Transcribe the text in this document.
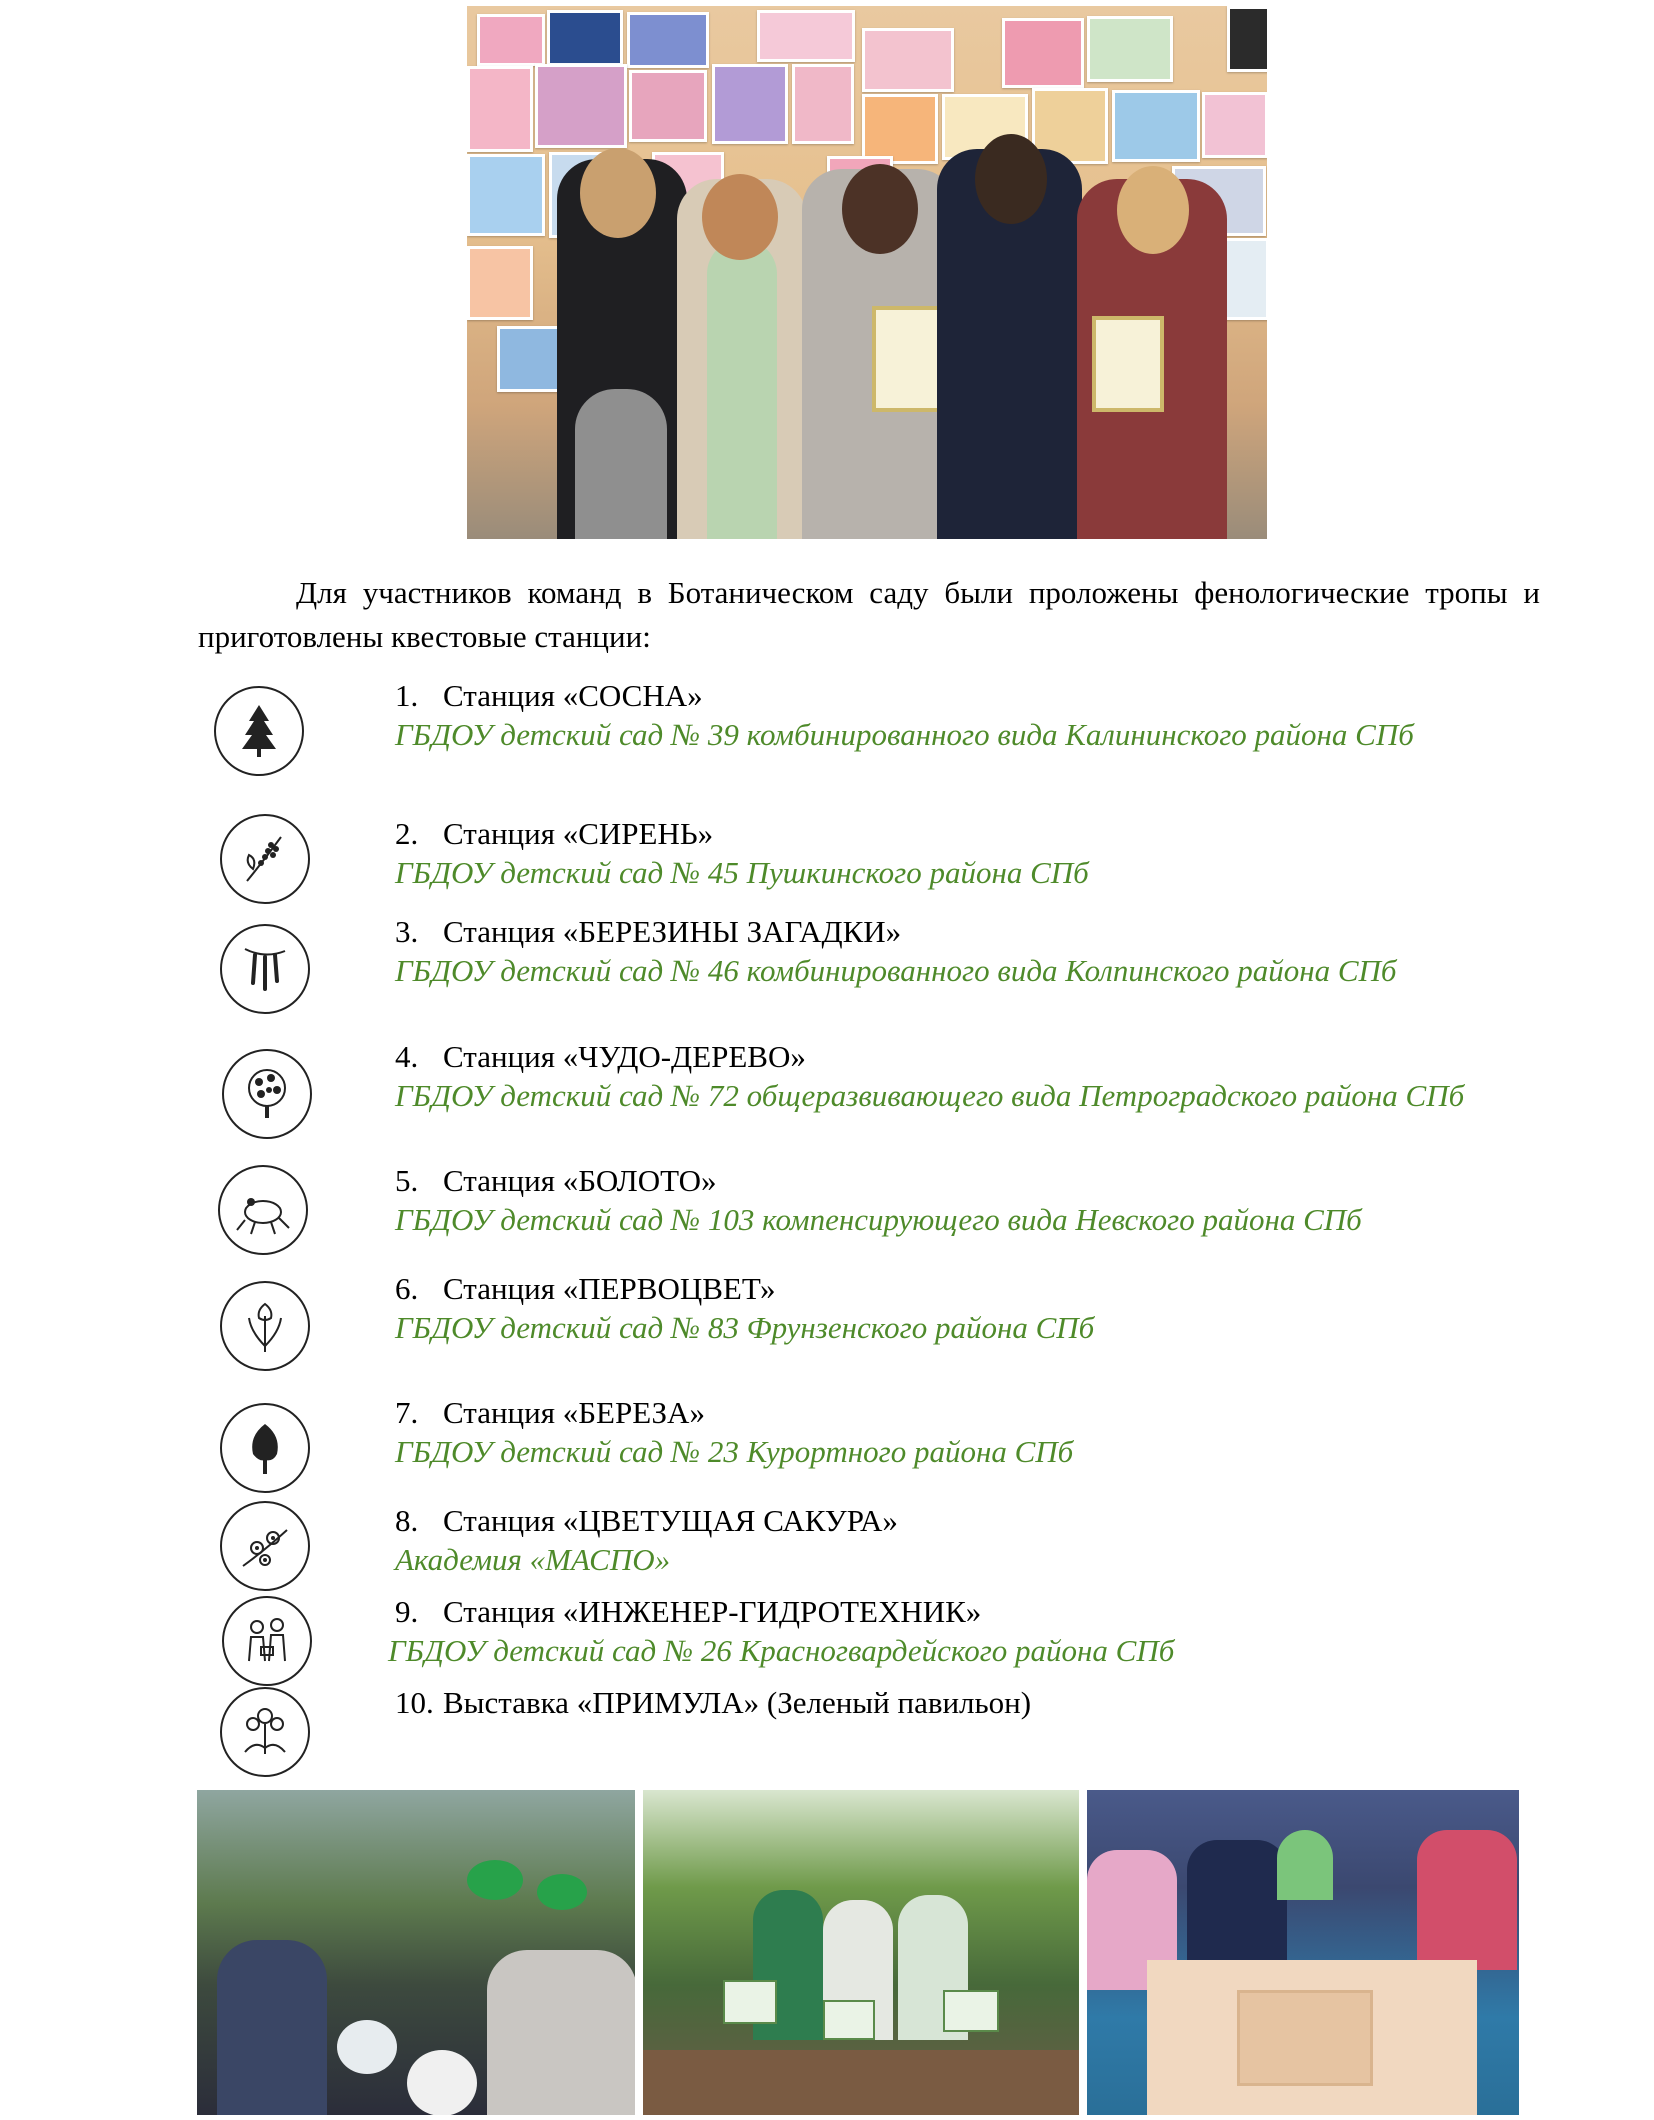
Для участников команд в Ботаническом саду были проложены фенологические тропы и приготовлены квестовые станции:

1. Станция «СОСНА»
ГБДОУ детский сад № 39 комбинированного вида Калининского района СПб
2. Станция «СИРЕНЬ»
ГБДОУ детский сад № 45 Пушкинского района СПб
3. Станция «БЕРЕЗИНЫ ЗАГАДКИ»
ГБДОУ детский сад № 46 комбинированного вида Колпинского района СПб
4. Станция «ЧУДО-ДЕРЕВО»
ГБДОУ детский сад № 72 общеразвивающего вида Петроградского района СПб
5. Станция «БОЛОТО»
ГБДОУ детский сад № 103 компенсирующего вида Невского района СПб
6. Станция «ПЕРВОЦВЕТ»
ГБДОУ детский сад № 83 Фрунзенского района СПб
7. Станция «БЕРЕЗА»
ГБДОУ детский сад № 23 Курортного района СПб
8. Станция «ЦВЕТУЩАЯ САКУРА»
Академия «МАСПО»
9. Станция «ИНЖЕНЕР-ГИДРОТЕХНИК»
ГБДОУ детский сад № 26 Красногвардейского района СПб
10. Выставка «ПРИМУЛА» (Зеленый павильон)
